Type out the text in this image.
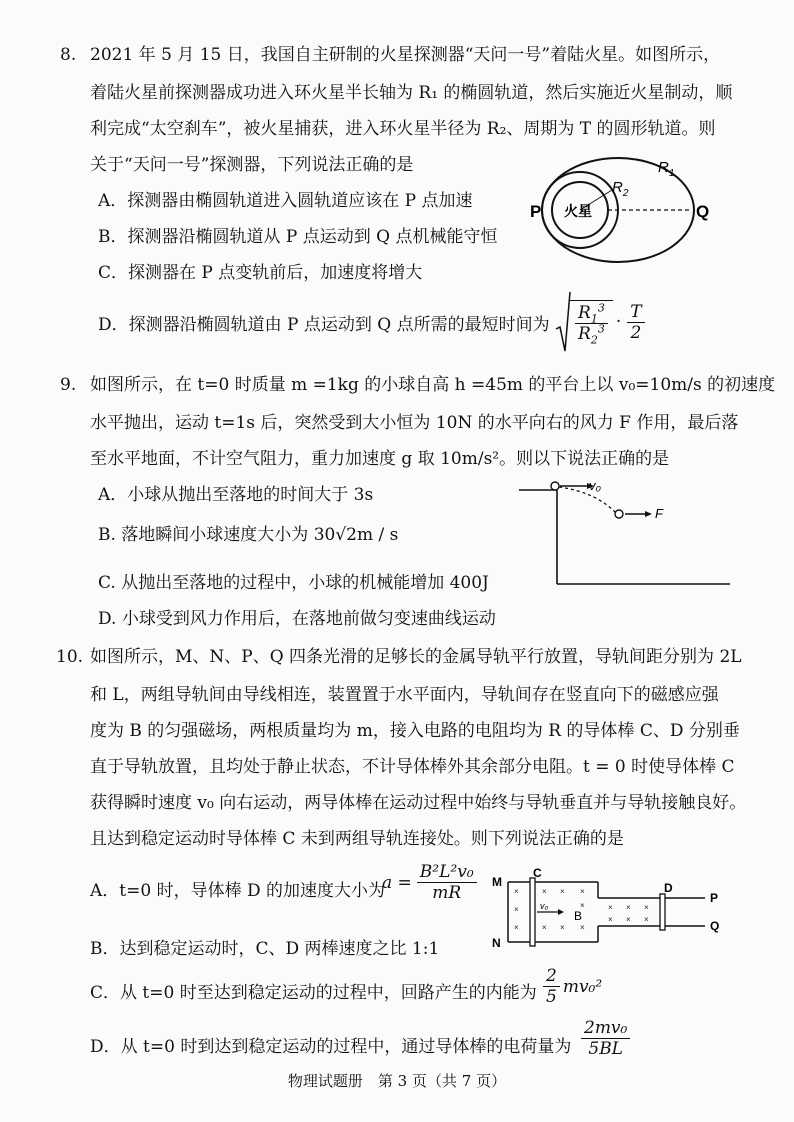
8. 2021 年 5 月 15 日，我国自主研制的火星探测器“天问一号”着陆火星。如图所示，
着陆火星前探测器成功进入环火星半长轴为 R₁ 的椭圆轨道，然后实施近火星制动，顺
利完成“太空刹车”，被火星捕获，进入环火星半径为 R₂、周期为 T 的圆形轨道。则
关于“天问一号”探测器，下列说法正确的是
A．探测器由椭圆轨道进入圆轨道应该在 P 点加速
B．探测器沿椭圆轨道从 P 点运动到 Q 点机械能守恒
C．探测器在 P 点变轨前后，加速度将增大
D．探测器沿椭圆轨道由 P 点运动到 Q 点所需的最短时间为 $\frac{R_1^3}{R_2^3} \cdot \frac{T}{2}$
火星
P	Q
$R_1$
$R_2$
9. 如图所示，在 t=0 时质量 m =1kg 的小球自高 h =45m 的平台上以 v₀=10m/s 的初速度
水平抛出，运动 t=1s 后，突然受到大小恒为 10N 的水平向右的风力 F 作用，最后落
至水平地面，不计空气阻力，重力加速度 g 取 10m/s²。则以下说法正确的是
A．小球从抛出至落地的时间大于 3s
B. 落地瞬间小球速度大小为 30√2m / s
C. 从抛出至落地的过程中，小球的机械能增加 400J
D. 小球受到风力作用后，在落地前做匀变速曲线运动
v₀
F
10. 如图所示，M、N、P、Q 四条光滑的足够长的金属导轨平行放置，导轨间距分别为 2L
和 L，两组导轨间由导线相连，装置置于水平面内，导轨间存在竖直向下的磁感应强
度为 B 的匀强磁场，两根质量均为 m，接入电路的电阻均为 R 的导体棒 C、D 分别垂
直于导轨放置，且均处于静止状态，不计导体棒外其余部分电阻。t = 0 时使导体棒 C
获得瞬时速度 v₀ 向右运动，两导体棒在运动过程中始终与导轨垂直并与导轨接触良好。
且达到稳定运动时导体棒 C 未到两组导轨连接处。则下列说法正确的是
A．t=0 时，导体棒 D 的加速度大小为
$a = \frac{\text{B²L²v₀}}{mR}$
B．达到稳定运动时，C、D 两棒速度之比 1:1
C．从 t=0 时至达到稳定运动的过程中，回路产生的内能为 $\frac{2}{5} mv_0^2$
D．从 t=0 时到达到稳定运动的过程中，通过导体棒的电荷量为 $\frac{\text{2mv₀}}{5BL}$
v₀
B
M
N
C
D
P
Q
×	× × ×
×	×
×	× × ×
× × ×
× × ×
物理试题册　第 3 页（共 7 页）
